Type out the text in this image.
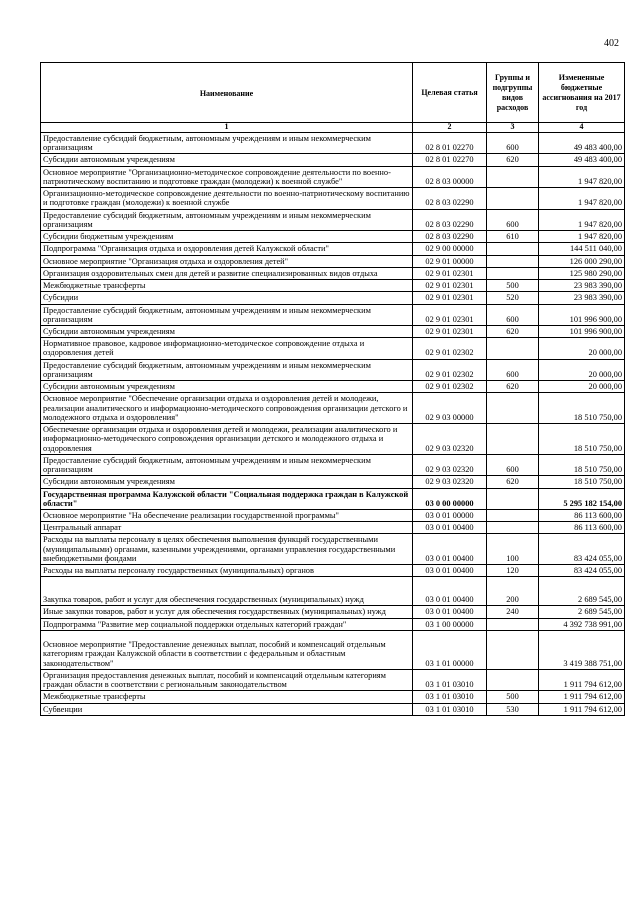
402
Наименование	Целевая статья	Группы и подгруппы видов расходов	Измененные бюджетные ассигнования на 2017 год
1	2	3	4
Предоставление субсидий бюджетным, автономным учреждениям и иным некоммерческим организациям	02 8 01 02270	600	49 483 400,00
Субсидии автономным учреждениям	02 8 01 02270	620	49 483 400,00
Основное мероприятие "Организационно-методическое сопровождение деятельности по военно-патриотическому воспитанию и подготовке граждан (молодежи) к военной службе"	02 8 03 00000		1 947 820,00
Организационно-методическое сопровождение деятельности по военно-патриотическому воспитанию и подготовке граждан (молодежи) к военной службе	02 8 03 02290		1 947 820,00
Предоставление субсидий бюджетным, автономным учреждениям и иным некоммерческим организациям	02 8 03 02290	600	1 947 820,00
Субсидии бюджетным учреждениям	02 8 03 02290	610	1 947 820,00
Подпрограмма "Организация отдыха и оздоровления детей Калужской области"	02 9 00 00000		144 511 040,00
Основное мероприятие "Организация отдыха и оздоровления детей"	02 9 01 00000		126 000 290,00
Организация оздоровительных смен для детей и развитие специализированных видов отдыха	02 9 01 02301		125 980 290,00
Межбюджетные трансферты	02 9 01 02301	500	23 983 390,00
Субсидии	02 9 01 02301	520	23 983 390,00
Предоставление субсидий бюджетным, автономным учреждениям и иным некоммерческим организациям	02 9 01 02301	600	101 996 900,00
Субсидии автономным учреждениям	02 9 01 02301	620	101 996 900,00
Нормативное правовое, кадровое информационно-методическое сопровождение отдыха и оздоровления детей	02 9 01 02302		20 000,00
Предоставление субсидий бюджетным, автономным учреждениям и иным некоммерческим организациям	02 9 01 02302	600	20 000,00
Субсидии автономным учреждениям	02 9 01 02302	620	20 000,00
Основное мероприятие "Обеспечение организации отдыха и оздоровления детей и молодежи, реализации аналитического и информационно-методического сопровождения организации детского и молодежного отдыха и оздоровления"	02 9 03 00000		18 510 750,00
Обеспечение организации отдыха и оздоровления детей и молодежи, реализации аналитического и информационно-методического сопровождения организации детского и молодежного отдыха и оздоровления	02 9 03 02320		18 510 750,00
Предоставление субсидий бюджетным, автономным учреждениям и иным некоммерческим организациям	02 9 03 02320	600	18 510 750,00
Субсидии автономным учреждениям	02 9 03 02320	620	18 510 750,00
Государственная программа Калужской области "Социальная поддержка граждан в Калужской области"	03 0 00 00000		5 295 182 154,00
Основное мероприятие "На обеспечение реализации государственной программы"	03 0 01 00000		86 113 600,00
Центральный аппарат	03 0 01 00400		86 113 600,00
Расходы на выплаты персоналу в целях обеспечения выполнения функций государственными (муниципальными) органами, казенными учреждениями, органами управления государственными внебюджетными фондами	03 0 01 00400	100	83 424 055,00
Расходы на выплаты персоналу государственных (муниципальных) органов	03 0 01 00400	120	83 424 055,00
Закупка товаров, работ и услуг для обеспечения государственных (муниципальных) нужд	03 0 01 00400	200	2 689 545,00
Иные закупки товаров, работ и услуг для обеспечения государственных (муниципальных) нужд	03 0 01 00400	240	2 689 545,00
Подпрограмма "Развитие мер социальной поддержки отдельных категорий граждан"	03 1 00 00000		4 392 738 991,00
Основное мероприятие "Предоставление денежных выплат, пособий и компенсаций отдельным категориям граждан Калужской области в соответствии с федеральным и областным законодательством"	03 1 01 00000		3 419 388 751,00
Организация предоставления денежных выплат, пособий и компенсаций отдельным категориям граждан области в соответствии с региональным законодательством	03 1 01 03010		1 911 794 612,00
Межбюджетные трансферты	03 1 01 03010	500	1 911 794 612,00
Субвенции	03 1 01 03010	530	1 911 794 612,00
